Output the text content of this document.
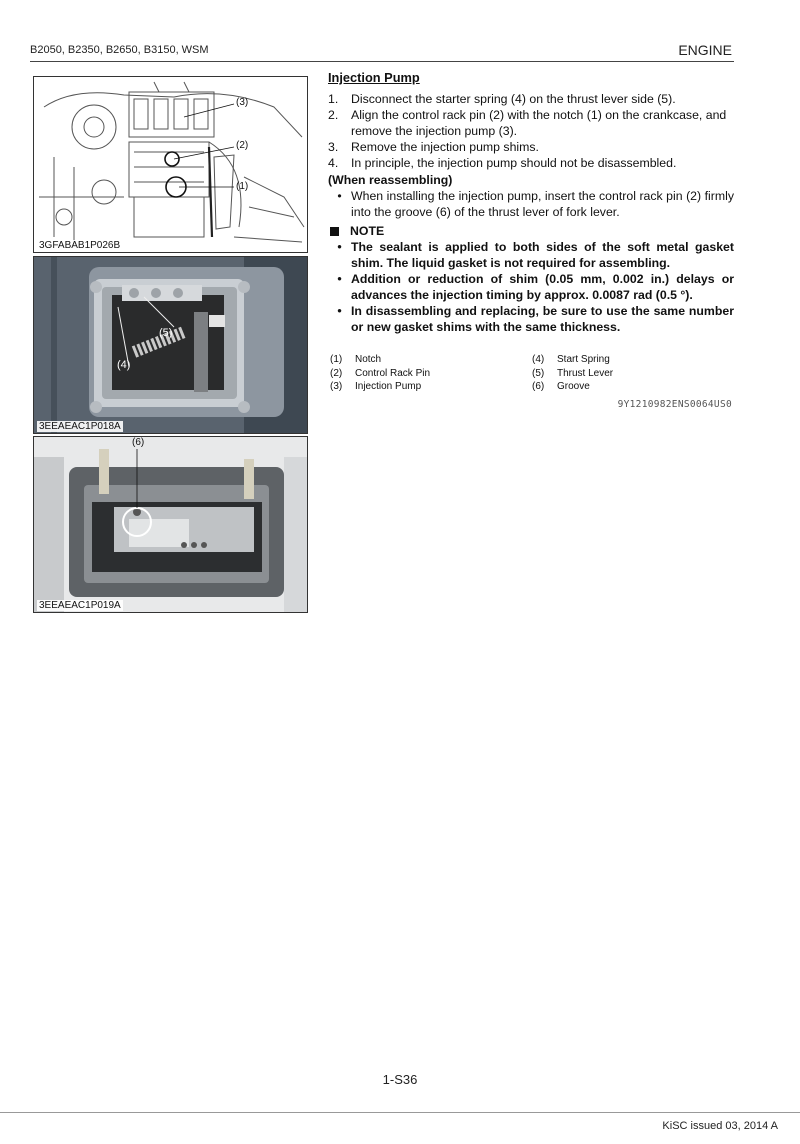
B2050, B2350, B2650, B3150, WSM	ENGINE
(3)
(2)
(1)
3GFABAB1P026B
(5)
(4)
3EEAEAC1P018A
(6)
3EEAEAC1P019A
Injection Pump
1.	Disconnect the starter spring (4) on the thrust lever side (5).
2.	Align the control rack pin (2) with the notch (1) on the crankcase, and remove the injection pump (3).
3.	Remove the injection pump shims.
4.	In principle, the injection pump should not be disassembled.
(When reassembling)
• When installing the injection pump, insert the control rack pin (2) firmly into the groove (6) of the thrust lever of fork lever.
NOTE
• The sealant is applied to both sides of the soft metal gasket shim. The liquid gasket is not required for assembling.
• Addition or reduction of shim (0.05 mm, 0.002 in.) delays or advances the injection timing by approx. 0.0087 rad (0.5 °).
• In disassembling and replacing, be sure to use the same number or new gasket shims with the same thickness.
(1)	Notch
(2)	Control Rack Pin
(3)	Injection Pump
(4)	Start Spring
(5)	Thrust Lever
(6)	Groove
9Y1210982ENS0064US0
1-S36
KiSC issued 03, 2014 A
